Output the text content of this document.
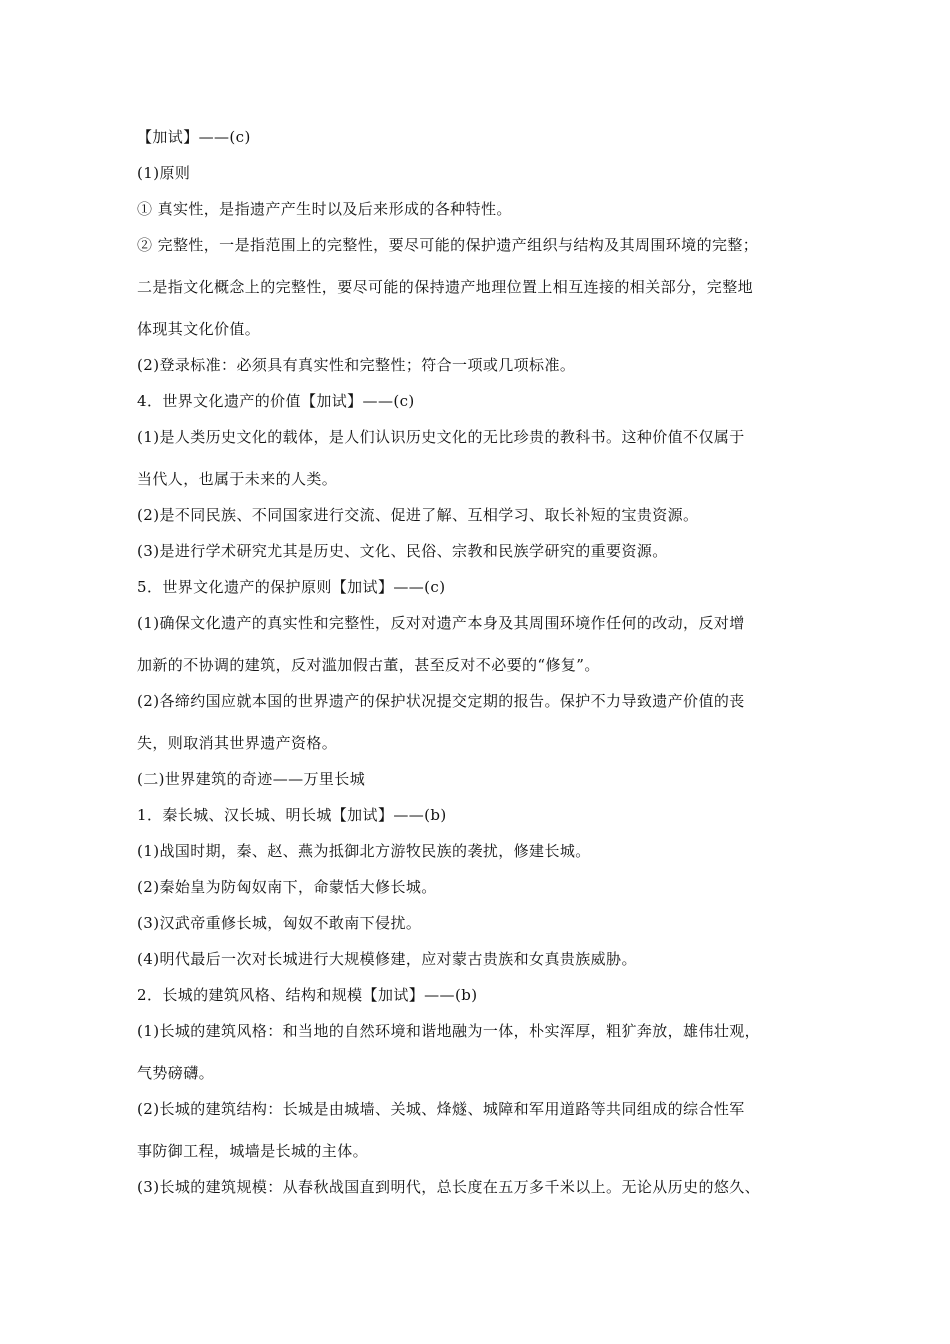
【加试】——(c)
(1)原则
① 真实性，是指遗产产生时以及后来形成的各种特性。
② 完整性，一是指范围上的完整性，要尽可能的保护遗产组织与结构及其周围环境的完整；
二是指文化概念上的完整性，要尽可能的保持遗产地理位置上相互连接的相关部分，完整地
体现其文化价值。
(2)登录标准：必须具有真实性和完整性；符合一项或几项标准。
4．世界文化遗产的价值【加试】——(c)
(1)是人类历史文化的载体，是人们认识历史文化的无比珍贵的教科书。这种价值不仅属于
当代人，也属于未来的人类。
(2)是不同民族、不同国家进行交流、促进了解、互相学习、取长补短的宝贵资源。
(3)是进行学术研究尤其是历史、文化、民俗、宗教和民族学研究的重要资源。
5．世界文化遗产的保护原则【加试】——(c)
(1)确保文化遗产的真实性和完整性，反对对遗产本身及其周围环境作任何的改动，反对增
加新的不协调的建筑，反对滥加假古董，甚至反对不必要的“修复”。
(2)各缔约国应就本国的世界遗产的保护状况提交定期的报告。保护不力导致遗产价值的丧
失，则取消其世界遗产资格。
(二)世界建筑的奇迹——万里长城
1．秦长城、汉长城、明长城【加试】——(b)
(1)战国时期，秦、赵、燕为抵御北方游牧民族的袭扰，修建长城。
(2)秦始皇为防匈奴南下，命蒙恬大修长城。
(3)汉武帝重修长城，匈奴不敢南下侵扰。
(4)明代最后一次对长城进行大规模修建，应对蒙古贵族和女真贵族威胁。
2．长城的建筑风格、结构和规模【加试】——(b)
(1)长城的建筑风格：和当地的自然环境和谐地融为一体，朴实浑厚，粗犷奔放，雄伟壮观，
气势磅礴。
(2)长城的建筑结构：长城是由城墙、关城、烽燧、城障和军用道路等共同组成的综合性军
事防御工程，城墙是长城的主体。
(3)长城的建筑规模：从春秋战国直到明代，总长度在五万多千米以上。无论从历史的悠久、
